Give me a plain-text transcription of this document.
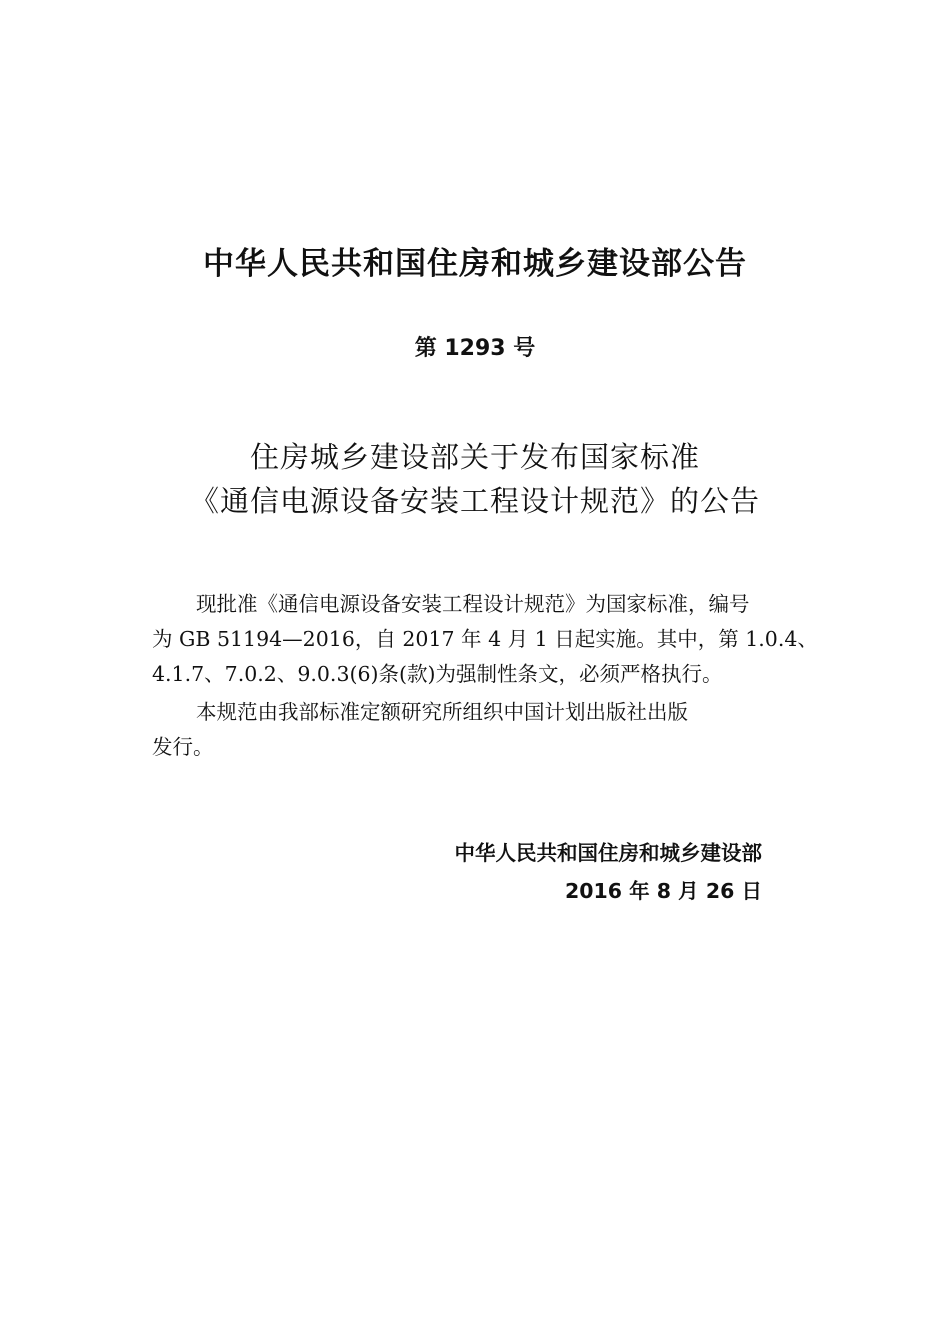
中华人民共和国住房和城乡建设部公告
第 1293 号
住房城乡建设部关于发布国家标准
《通信电源设备安装工程设计规范》的公告
现批准《通信电源设备安装工程设计规范》为国家标准，编号
为 GB 51194—2016，自 2017 年 4 月 1 日起实施。其中，第 1.0.4、
4.1.7、7.0.2、9.0.3(6)条(款)为强制性条文，必须严格执行。
本规范由我部标准定额研究所组织中国计划出版社出版
发行。
中华人民共和国住房和城乡建设部
2016 年 8 月 26 日
